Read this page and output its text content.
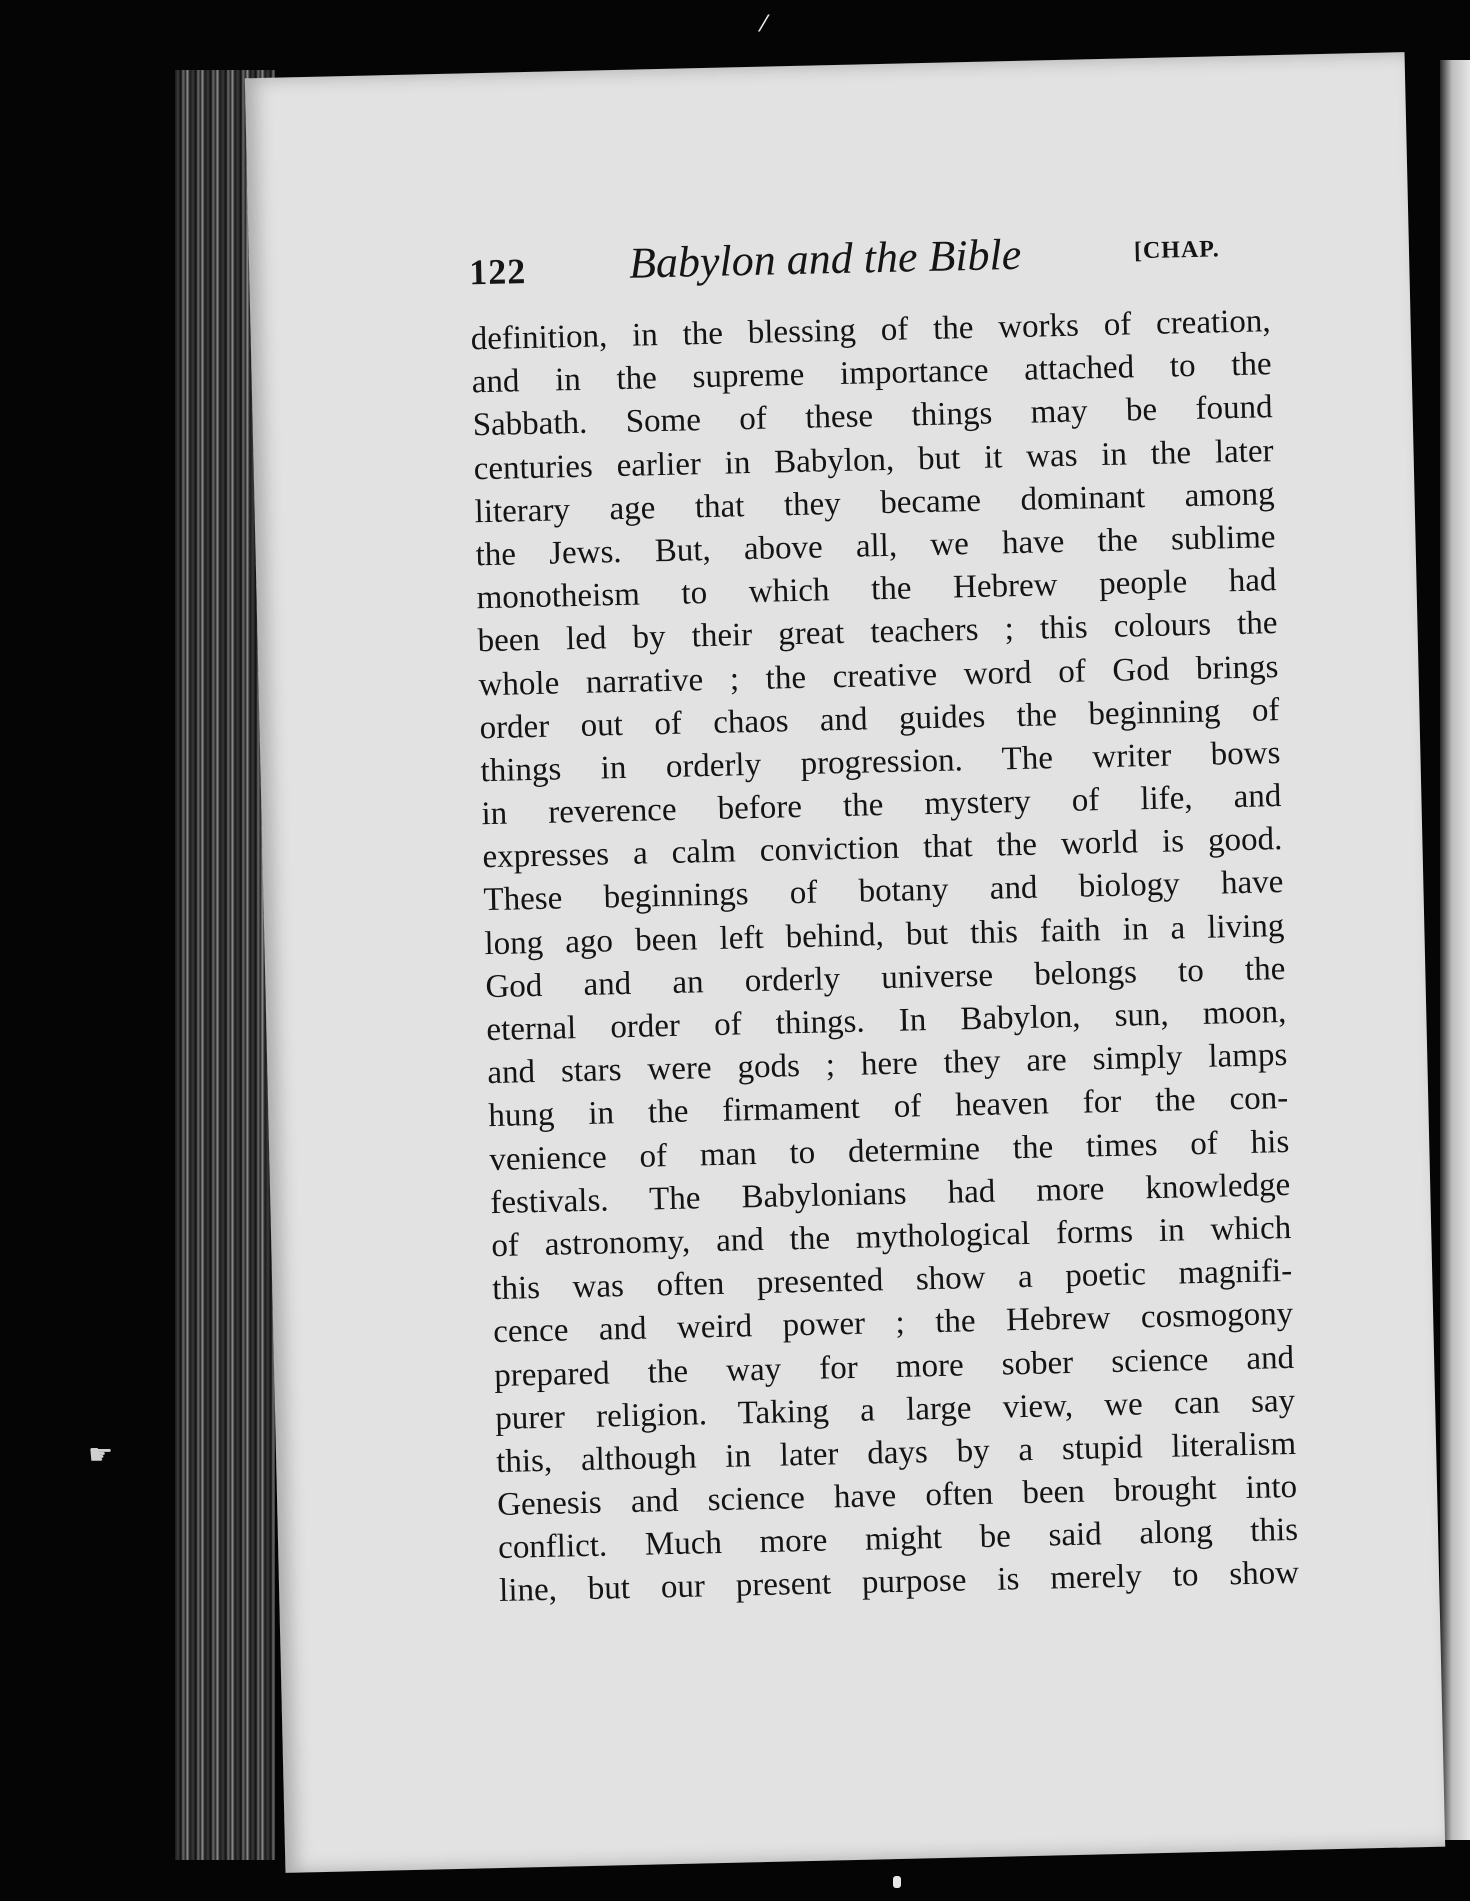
⁄
☛
122 Babylon and the Bible	[CHAP.
definition, in the blessing of the works of creation,
and in the supreme importance attached to the
Sabbath. Some of these things may be found
centuries earlier in Babylon, but it was in the later
literary age that they became dominant among
the Jews. But, above all, we have the sublime
monotheism to which the Hebrew people had
been led by their great teachers ; this colours the
whole narrative ; the creative word of God brings
order out of chaos and guides the beginning of
things in orderly progression. The writer bows
in reverence before the mystery of life, and
expresses a calm conviction that the world is good.
These beginnings of botany and biology have
long ago been left behind, but this faith in a living
God and an orderly universe belongs to the
eternal order of things. In Babylon, sun, moon,
and stars were gods ; here they are simply lamps
hung in the firmament of heaven for the con-
venience of man to determine the times of his
festivals. The Babylonians had more knowledge
of astronomy, and the mythological forms in which
this was often presented show a poetic magnifi-
cence and weird power ; the Hebrew cosmogony
prepared the way for more sober science and
purer religion. Taking a large view, we can say
this, although in later days by a stupid literalism
Genesis and science have often been brought into
conflict. Much more might be said along this
line, but our present purpose is merely to show
